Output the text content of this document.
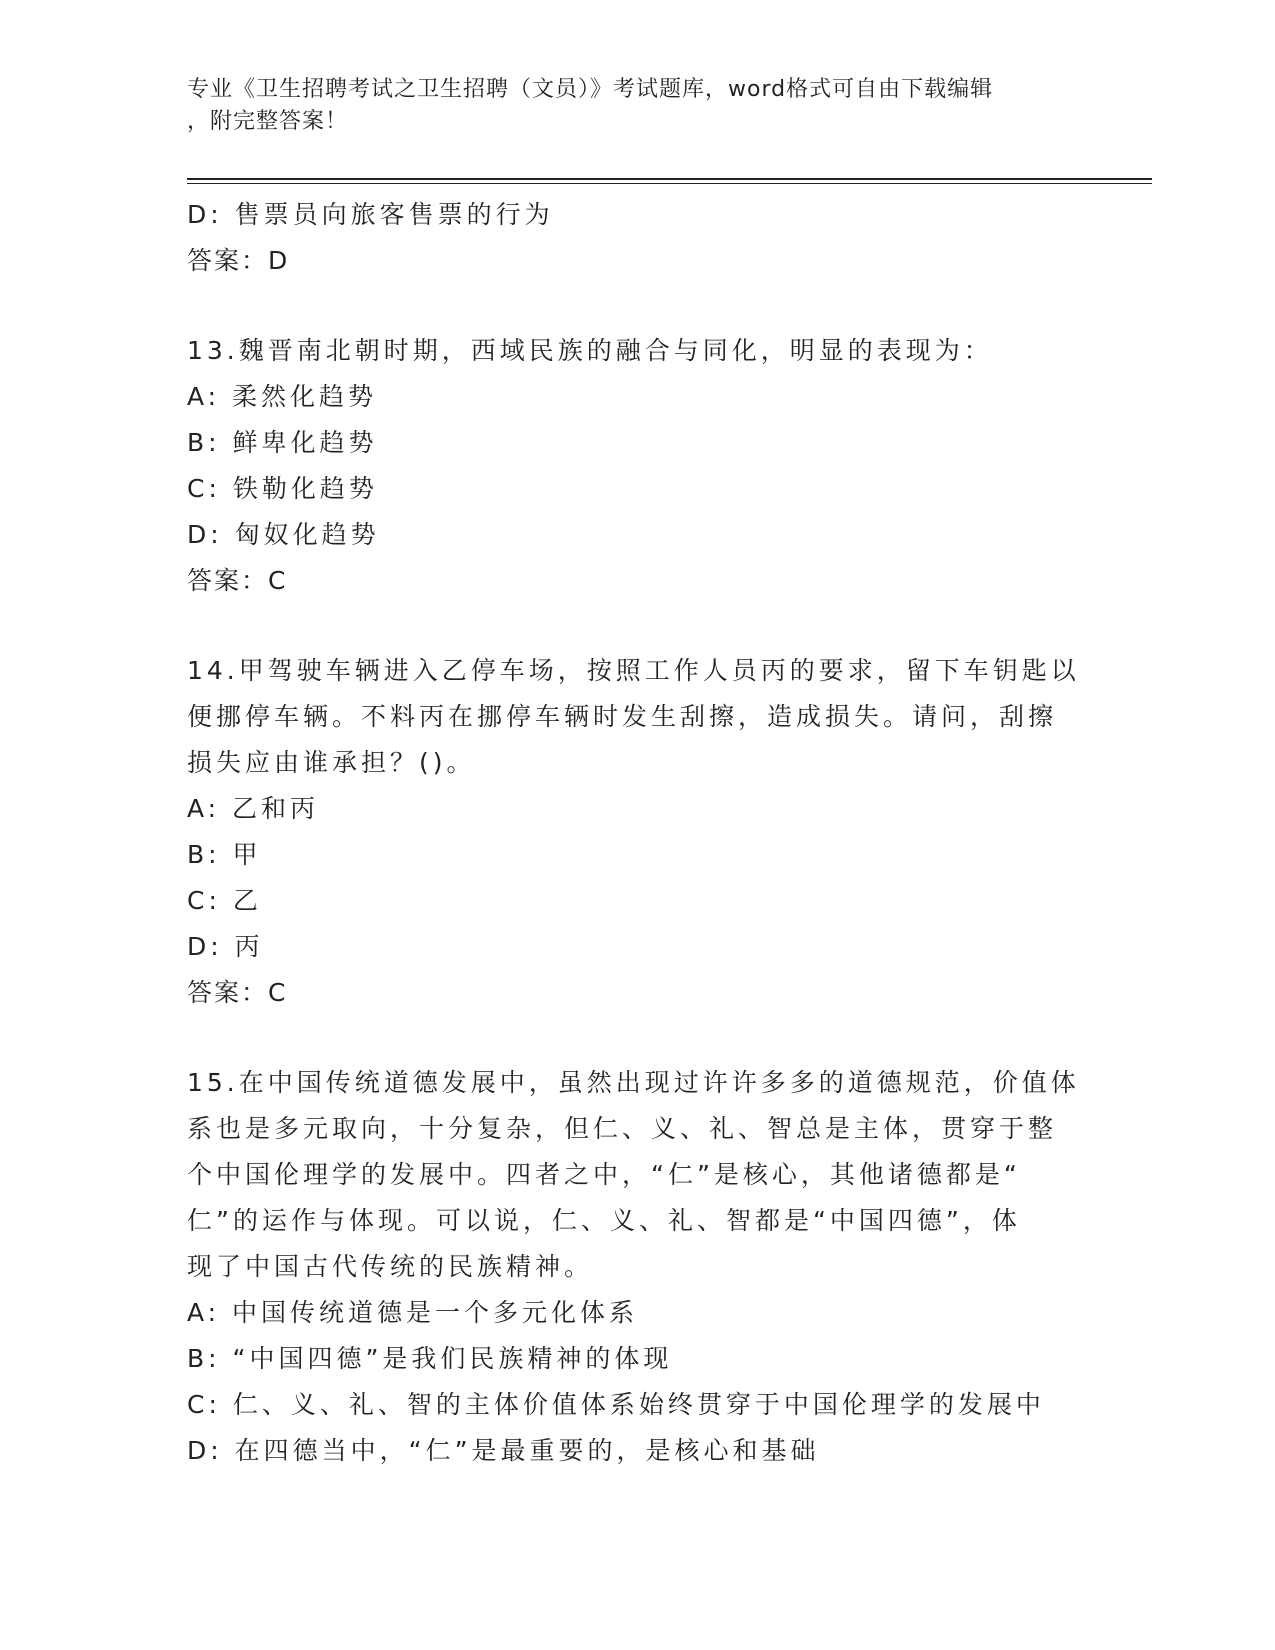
专业《卫生招聘考试之卫生招聘（文员）》考试题库，word格式可自由下载编辑
，附完整答案！
D: 售票员向旅客售票的行为
答案：D
13.魏晋南北朝时期，西域民族的融合与同化，明显的表现为：
A: 柔然化趋势
B: 鲜卑化趋势
C: 铁勒化趋势
D: 匈奴化趋势
答案：C
14.甲驾驶车辆进入乙停车场，按照工作人员丙的要求，留下车钥匙以
便挪停车辆。不料丙在挪停车辆时发生刮擦，造成损失。请问，刮擦
损失应由谁承担？()。
A: 乙和丙
B: 甲
C: 乙
D: 丙
答案：C
15.在中国传统道德发展中，虽然出现过许许多多的道德规范，价值体
系也是多元取向，十分复杂，但仁、义、礼、智总是主体，贯穿于整
个中国伦理学的发展中。四者之中，“仁”是核心，其他诸德都是“
仁”的运作与体现。可以说，仁、义、礼、智都是“中国四德”，体
现了中国古代传统的民族精神。
A: 中国传统道德是一个多元化体系
B: “中国四德”是我们民族精神的体现
C: 仁、义、礼、智的主体价值体系始终贯穿于中国伦理学的发展中
D: 在四德当中，“仁”是最重要的，是核心和基础
